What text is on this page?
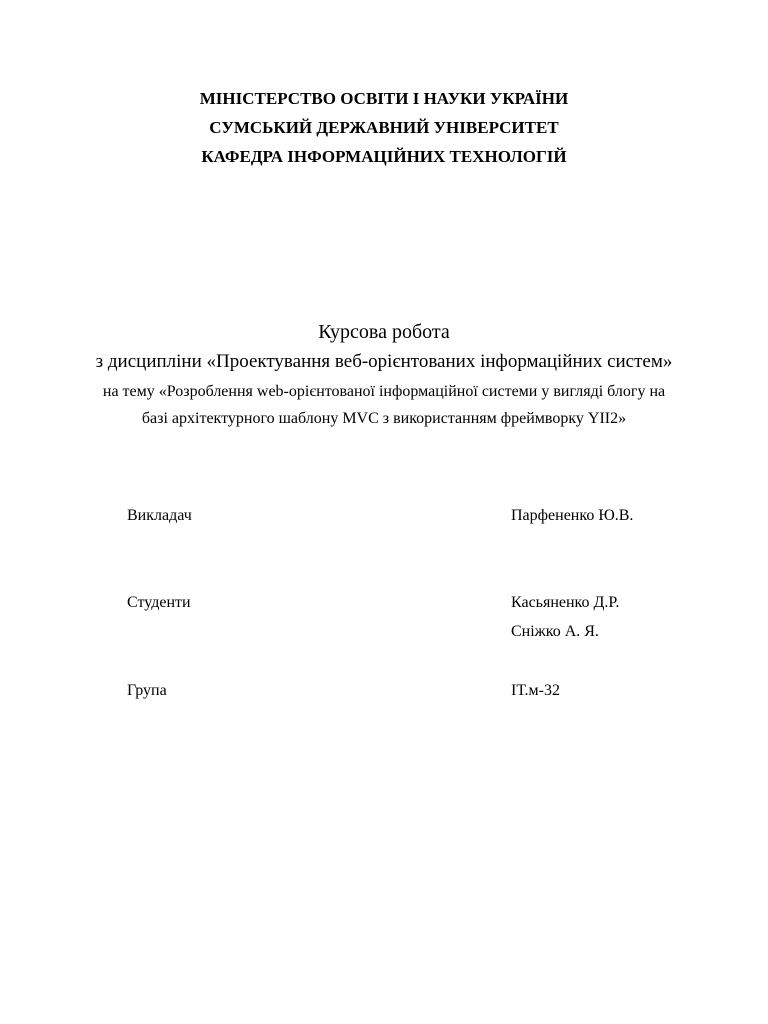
МІНІСТЕРСТВО ОСВІТИ І НАУКИ УКРАЇНИ
СУМСЬКИЙ ДЕРЖАВНИЙ УНІВЕРСИТЕТ
КАФЕДРА ІНФОРМАЦІЙНИХ ТЕХНОЛОГІЙ
Курсова робота
з дисципліни «Проектування веб-орієнтованих інформаційних систем»
на тему «Розроблення web-орієнтованої інформаційної системи у вигляді блогу на
базі архітектурного шаблону MVC з використанням фреймворку YII2»
Викладач	Парфененко Ю.В.
Студенти	Касьяненко Д.Р.
Сніжко А. Я.
Група	ІТ.м-32
